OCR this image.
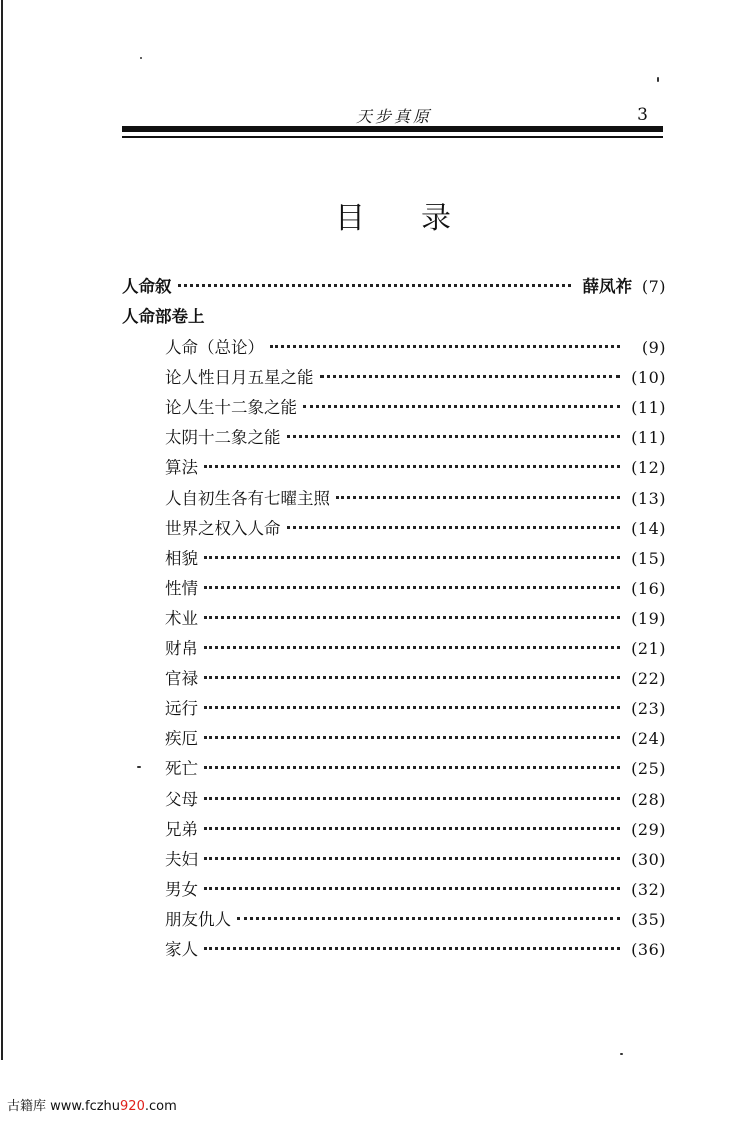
天步真原	3
目录
人命叙	薛凤祚 (7)
人命部卷上
人命（总论）	(9)
论人性日月五星之能	(10)
论人生十二象之能	(11)
太阴十二象之能	(11)
算法	(12)
人自初生各有七曜主照	(13)
世界之权入人命	(14)
相貌	(15)
性情	(16)
术业	(19)
财帛	(21)
官禄	(22)
远行	(23)
疾厄	(24)
死亡	(25)
父母	(28)
兄弟	(29)
夫妇	(30)
男女	(32)
朋友仇人	(35)
家人	(36)
古籍库 www.fczhu920.com
